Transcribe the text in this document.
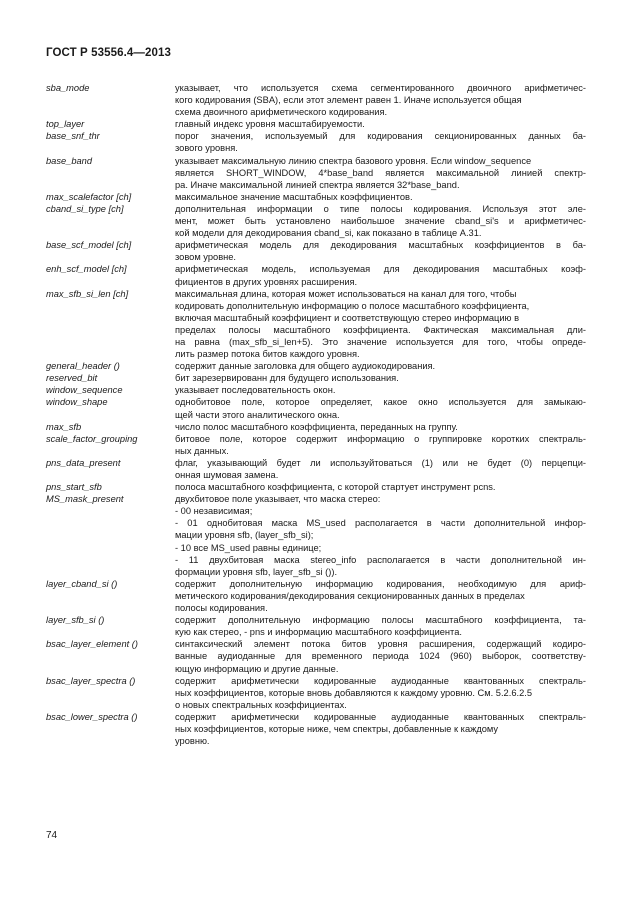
ГОСТ Р 53556.4—2013
sba_mode	указывает, что используется схема сегментированного двоичного арифметичес-
кого кодирования (SBA), если этот элемент равен 1. Иначе используется общая
схема двоичного арифметического кодирования.
top_layer	главный индекс уровня масштабируемости.
base_snf_thr	порог значения, используемый для кодирования секционированных данных ба-
зового уровня.
base_band	указывает максимальную линию спектра базового уровня. Если window_sequence
является SHORT_WINDOW, 4*base_band является максимальной линией спектр-
ра. Иначе максимальной линией спектра является 32*base_band.
max_scalefactor [ch]	максимальное значение масштабных коэффициентов.
cband_si_type [ch]	дополнительная информации о типе полосы кодирования. Используя этот эле-
мент, может быть установлено наибольшое значение cband_si's и арифметичес-
кой модели для декодирования cband_si, как показано в таблице А.31.
base_scf_model [ch]	арифметическая модель для декодирования масштабных коэффициентов в ба-
зовом уровне.
enh_scf_model [ch]	арифметическая модель, используемая для декодирования масштабных коэф-
фициентов в других уровнях расширения.
max_sfb_si_len [ch]	максимальная длина, которая может использоваться на канал для того, чтобы
кодировать дополнительную информацию о полосе масштабного коэффициента,
включая масштабный коэффициент и соответствующую стерео информацию в
пределах полосы масштабного коэффициента. Фактическая максимальная дли-
на равна (max_sfb_si_len+5). Это значение используется для того, чтобы опреде-
лить размер потока битов каждого уровня.
general_header ()	содержит данные заголовка для общего аудиокодирования.
reserved_bit	бит зарезервированн для будущего использования.
window_sequence	указывает последовательность окон.
window_shape	однобитовое поле, которое определяет, какое окно используется для замыкаю-
щей части этого аналитического окна.
max_sfb	число полос масштабного коэффициента, переданных на группу.
scale_factor_grouping	битовое поле, которое содержит информацию о группировке коротких спектраль-
ных данных.
pns_data_present	флаг, указывающий будет ли используйтоваться (1) или не будет (0) перцепци-
онная шумовая замена.
pns_start_sfb	полоса масштабного коэффициента, с которой стартует инструмент pcns.
MS_mask_present	двухбитовое поле указывает, что маска стерео:
- 00 независимая;
- 01 однобитовая маска MS_used располагается в части дополнительной инфор-
мации уровня sfb, (layer_sfb_si);
- 10 все MS_used равны единице;
- 11 двухбитовая маска stereo_info располагается в части дополнительной ин-
формации уровня sfb, layer_sfb_si ()).
layer_cband_si ()	содержит дополнительную информацию кодирования, необходимую для ариф-
метического кодирования/декодирования секционированных данных в пределах
полосы кодирования.
layer_sfb_si ()	содержит дополнительную информацию полосы масштабного коэффициента, та-
кую как стерео, - pns и информацию масштабного коэффициента.
bsac_layer_element ()	синтаксический элемент потока битов уровня расширения, содержащий кодиро-
ванные аудиоданные для временного периода 1024 (960) выборок, соответству-
ющую информацию и другие данные.
bsac_layer_spectra ()	содержит арифметически кодированные аудиоданные квантованных спектраль-
ных коэффициентов, которые вновь добавляются к каждому уровню. См. 5.2.6.2.5
о новых спектральных коэффициентах.
bsac_lower_spectra ()	содержит арифметически кодированные аудиоданные квантованных спектраль-
ных коэффициентов, которые ниже, чем спектры, добавленные к каждому
уровню.
74
